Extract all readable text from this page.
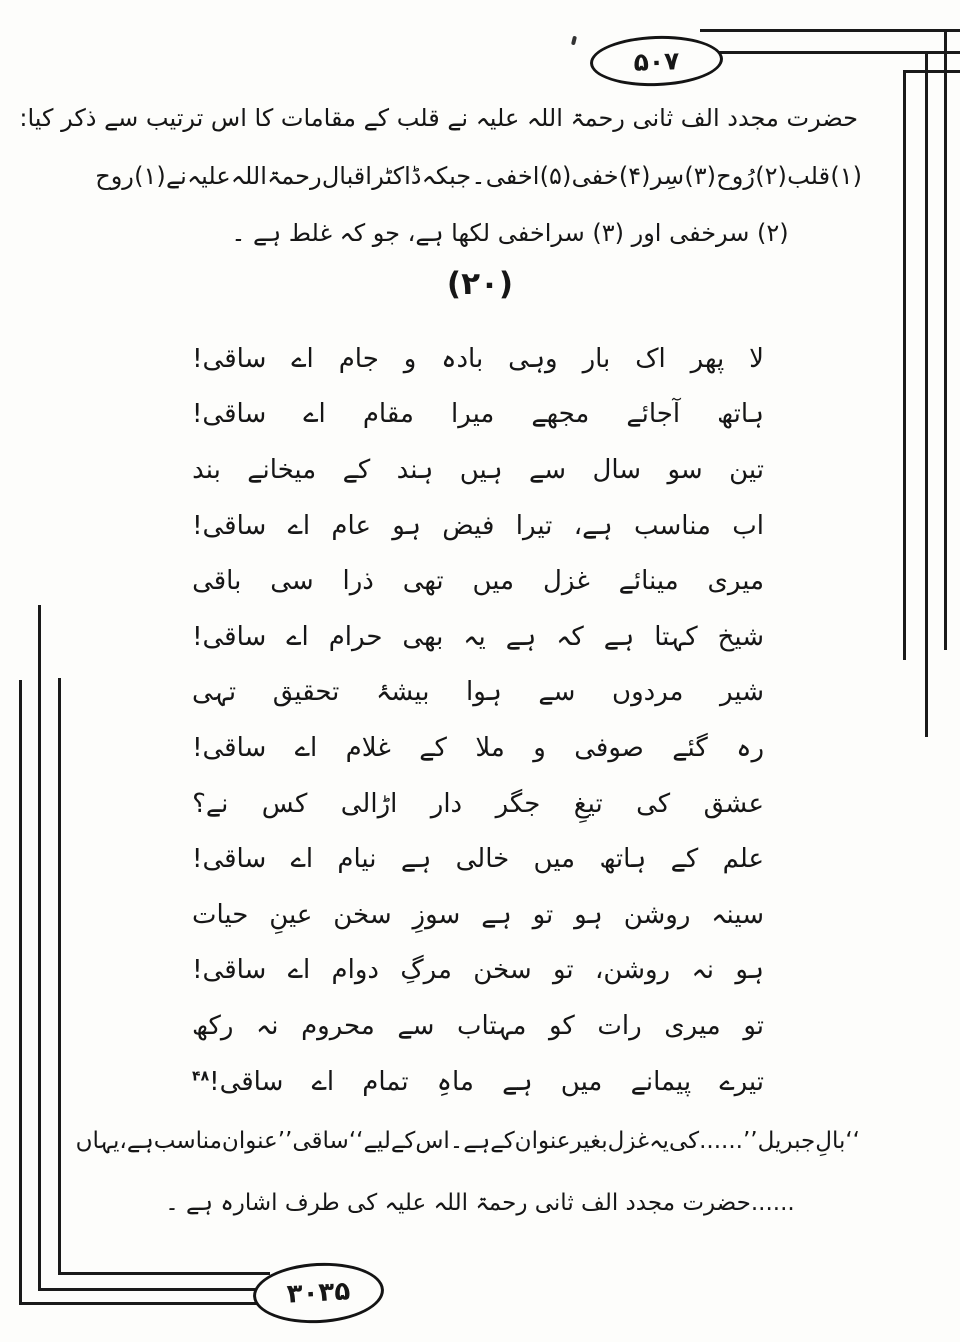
۵۰۷
حضرت مجدد الف ثانی رحمۃ اللہ علیہ نے قلب کے مقامات کا اس ترتیب سے ذکر کیا:
(۱)
قلب
(۲)
رُوح
(۳)
سِر
(۴)
خفی
(۵)
اخفی
۔
جبکہ
ڈاکٹر
اقبال
رحمۃ
اللہ
علیہ
نے
(۱)
روح
(۲) سرخفی اور (۳) سراخفی لکھا ہے، جو کہ غلط ہے ۔
(۲۰)
لا
پھر
اک
بار
وہی
بادہ
و
جام
اے
ساقی!
ہاتھ
آجائے
مجھے
میرا
مقام
اے
ساقی!
تین
سو
سال
سے
ہیں
ہند
کے
میخانے
بند
اب
مناسب
ہے،
تیرا
فیض
ہو
عام
اے
ساقی!
میری
مینائے
غزل
میں
تھی
ذرا
سی
باقی
شیخ
کہتا
ہے
کہ
ہے
یہ
بھی
حرام
اے
ساقی!
شیر
مردوں
سے
ہوا
بیشۂ
تحقیق
تہی
رہ
گئے
صوفی
و
ملا
کے
غلام
اے
ساقی!
عشق
کی
تیغِ
جگر
دار
اڑالی
کس
نے؟
علم
کے
ہاتھ
میں
خالی
ہے
نیام
اے
ساقی!
سینہ
روشن
ہو
تو
ہے
سوزِ
سخن
عینِ
حیات
ہو
نہ
روشن،
تو
سخن
مرگِ
دوام
اے
ساقی!
تو
میری
رات
کو
مہتاب
سے
محروم
نہ
رکھ
تیرے
پیمانے
میں
ہے
ماہِ
تمام
اے
ساقی!$^{۴۸}$
‘‘بالِ
جبریل’’......کی
یہ
غزل
بغیر
عنوان
کے
ہے
۔اس
کے
لیے
‘‘ساقی’’
عنوان
مناسب
ہے،
یہاں
......حضرت مجدد الف ثانی رحمۃ اللہ علیہ کی طرف اشارہ ہے ۔
۳۰۳۵
